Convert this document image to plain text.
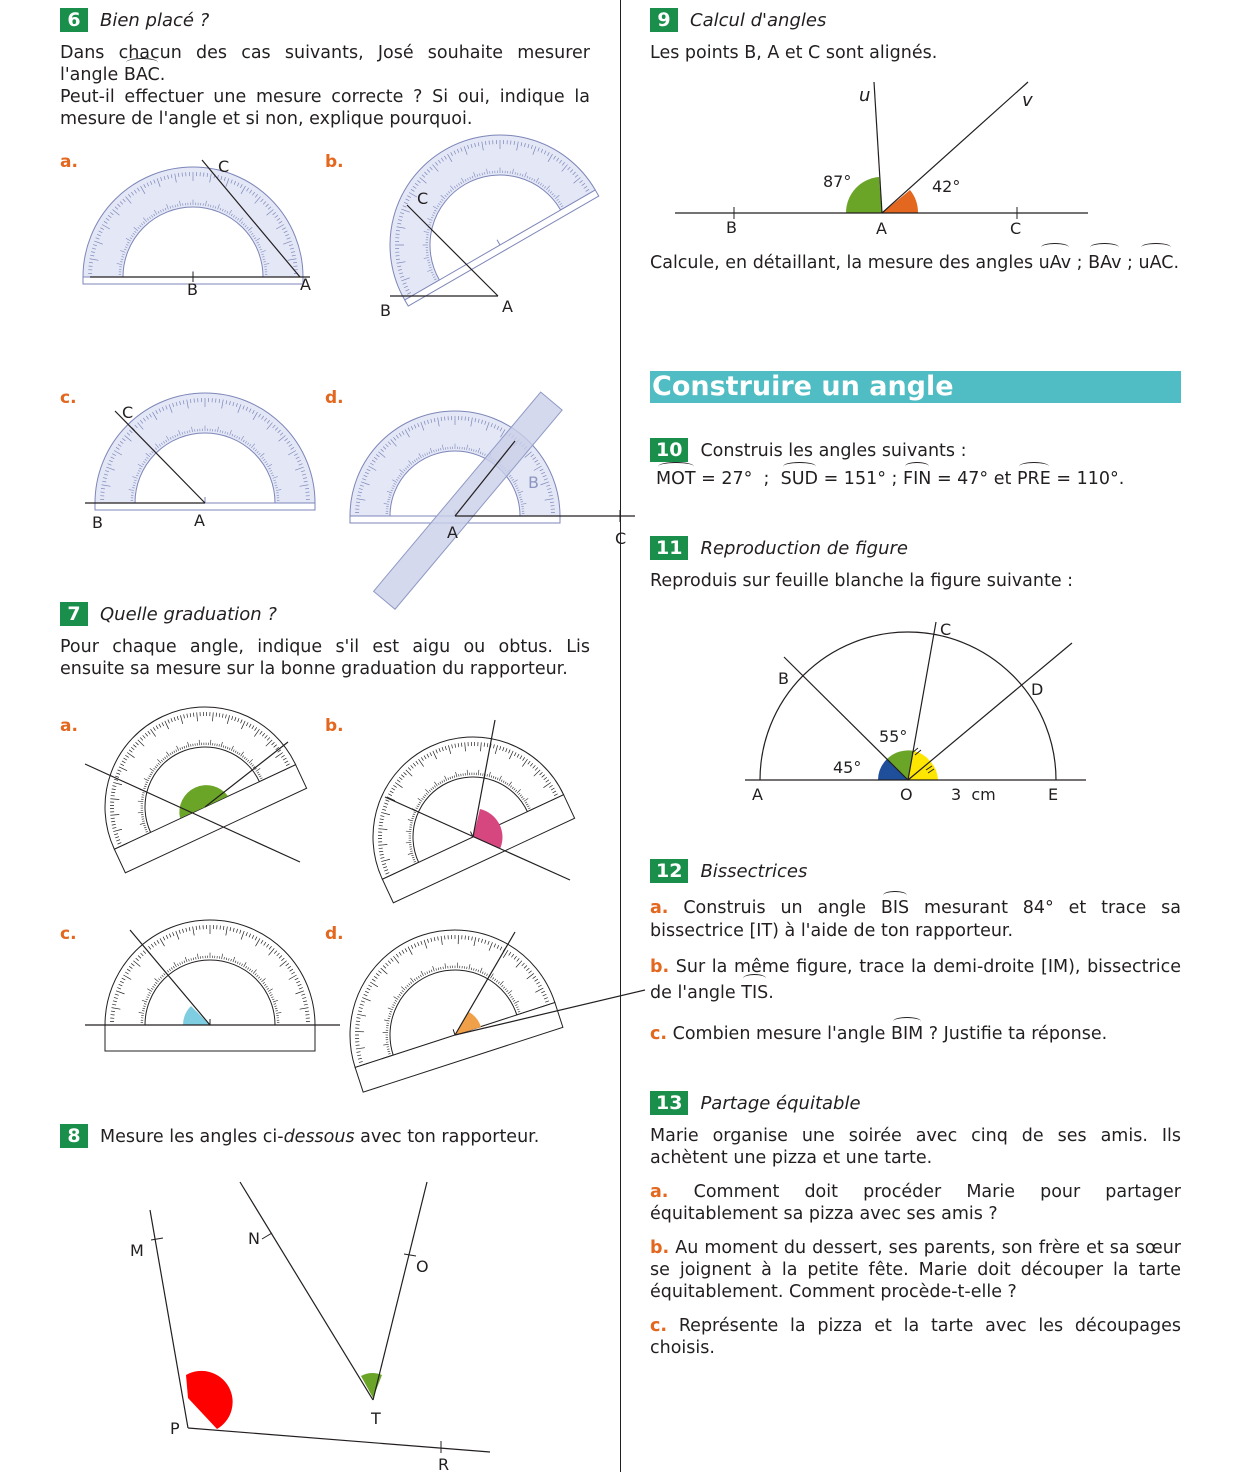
6 Bien placé ?

Dans chacun des cas suivants, José souhaite mesurer l'angle BAC.

Peut-il effectuer une mesure correcte ? Si oui, indique la mesure de l'angle et si non, explique pourquoi.

a.	b.
c.	d.
B	A
C
B	A
C
B	A
C
A	C
B
7 Quelle graduation ?

Pour chaque angle, indique s'il est aigu ou obtus. Lis ensuite sa mesure sur la bonne graduation du rapporteur.

a.	b.
c.	d.
8 Mesure les angles ci-dessous avec ton rapporteur.
M
P
N
T
O
R
9 Calcul d'angles

Les points B, A et C sont alignés.

B	A	C
87°	42°
u	v

Calcule, en détaillant, la mesure des angles uAv ; BAv ; uAC.

Construire un angle
10 Construis les angles suivants :

MOT = 27° ; SUD = 151° ; FIN = 47° et PRE = 110°.

11 Reproduction de figure

Reproduis sur feuille blanche la figure suivante :

A
B
C
D
E
O
45°
55°
3  cm
12 Bissectrices

a. Construis un angle BIS mesurant 84° et trace sa bissectrice [IT) à l'aide de ton rapporteur.

b. Sur la même figure, trace la demi-droite [IM), bissectrice de l'angle TIS.

c. Combien mesure l'angle BIM ? Justifie ta réponse.

13 Partage équitable

Marie organise une soirée avec cinq de ses amis. Ils achètent une pizza et une tarte.

a. Comment doit procéder Marie pour partager équitablement sa pizza avec ses amis ?

b. Au moment du dessert, ses parents, son frère et sa sœur se joignent à la petite fête. Marie doit découper la tarte équitablement. Comment procède-t-elle ?

c. Représente la pizza et la tarte avec les découpages choisis.
